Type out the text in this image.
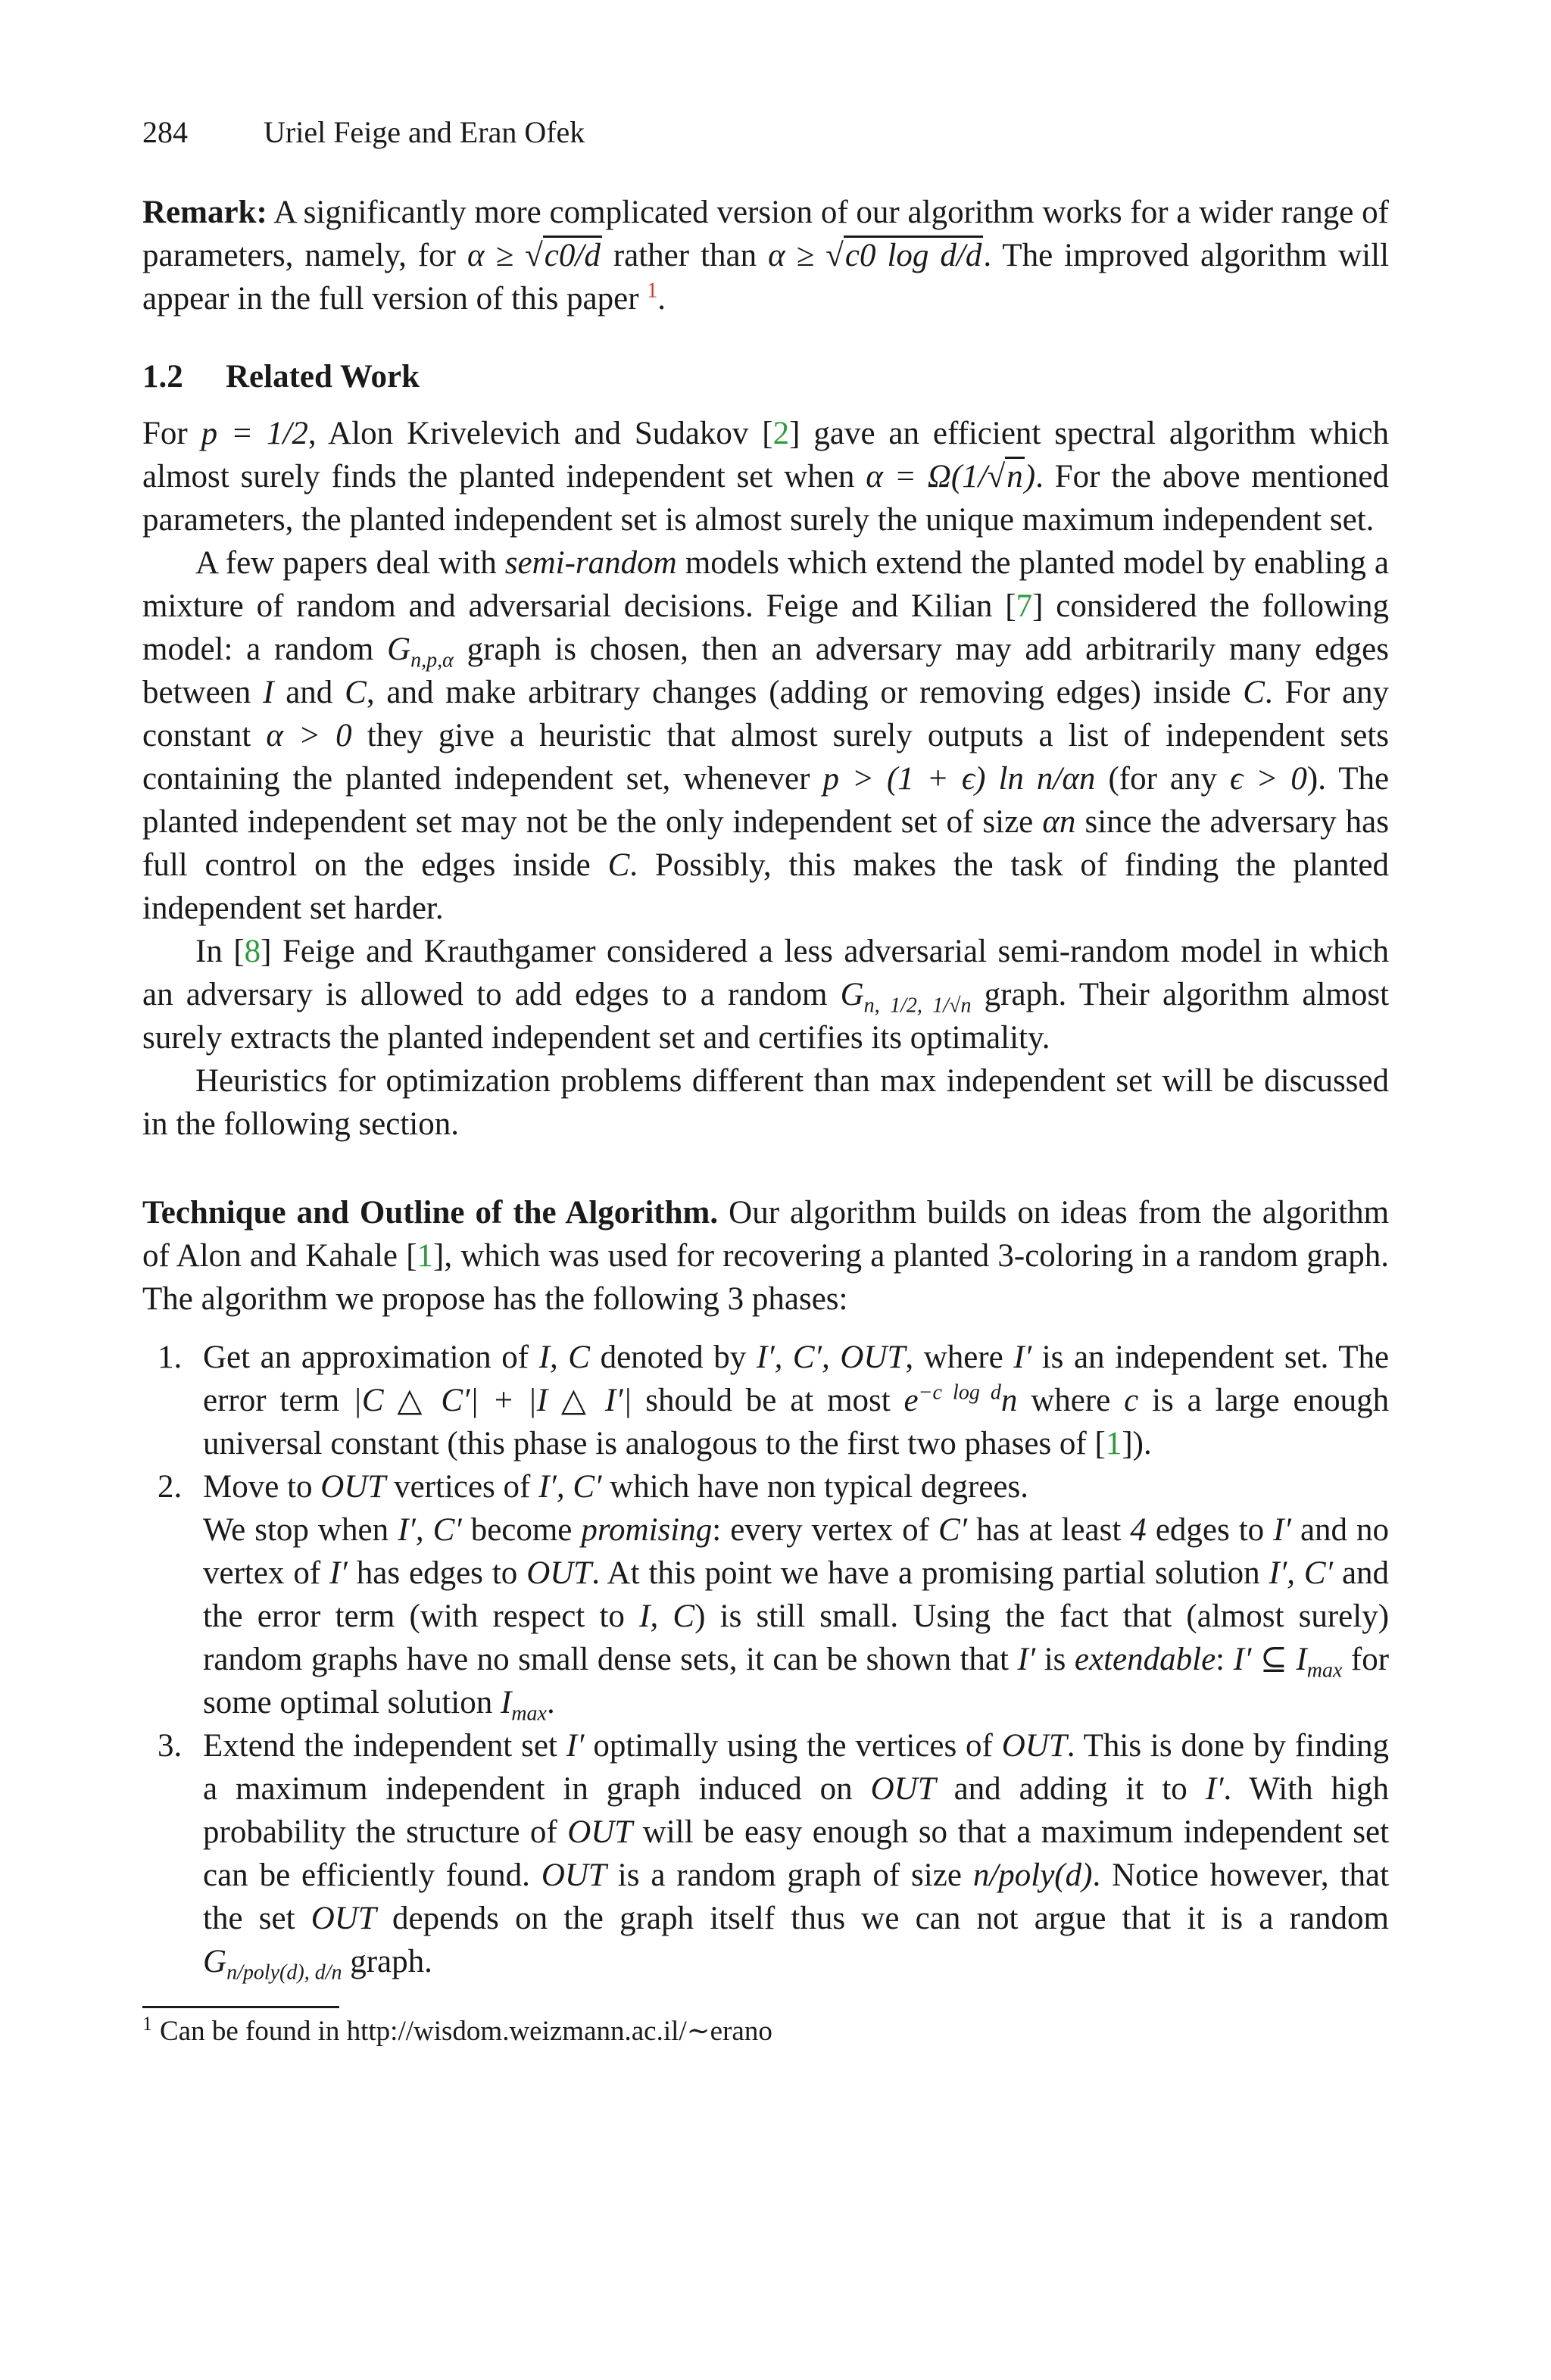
284	Uriel Feige and Eran Ofek

Remark: A significantly more complicated version of our algorithm works for a wider range of parameters, namely, for α ≥ √c0/d rather than α ≥ √c0 log d/d. The improved algorithm will appear in the full version of this paper $^1$.

1.2 Related Work

For p = 1/2, Alon Krivelevich and Sudakov [2] gave an efficient spectral algorithm which almost surely finds the planted independent set when α = Ω(1/√n). For the above mentioned parameters, the planted independent set is almost surely the unique maximum independent set.

A few papers deal with semi-random models which extend the planted model by enabling a mixture of random and adversarial decisions. Feige and Kilian [7] considered the following model: a random $G_{n,p,\alpha}$ graph is chosen, then an adversary may add arbitrarily many edges between I and C, and make arbitrary changes (adding or removing edges) inside C. For any constant α > 0 they give a heuristic that almost surely outputs a list of independent sets containing the planted independent set, whenever p > (1 + ϵ) ln n/αn (for any ϵ > 0). The planted independent set may not be the only independent set of size αn since the adversary has full control on the edges inside C. Possibly, this makes the task of finding the planted independent set harder.

In [8] Feige and Krauthgamer considered a less adversarial semi-random model in which an adversary is allowed to add edges to a random $G_{n, 1/2, 1/√n}$ graph. Their algorithm almost surely extracts the planted independent set and certifies its optimality.

Heuristics for optimization problems different than max independent set will be discussed in the following section.

Technique and Outline of the Algorithm. Our algorithm builds on ideas from the algorithm of Alon and Kahale [1], which was used for recovering a planted 3-coloring in a random graph. The algorithm we propose has the following 3 phases:

1. Get an approximation of I, C denoted by I′, C′, OUT, where I′ is an independent set. The error term |C △ C′| + |I △ I′| should be at most $e^{-c log d}n$ where c is a large enough universal constant (this phase is analogous to the first two phases of [1]).
2. Move to OUT vertices of I′, C′ which have non typical degrees.
We stop when I′, C′ become promising: every vertex of C′ has at least 4 edges to I′ and no vertex of I′ has edges to OUT. At this point we have a promising partial solution I′, C′ and the error term (with respect to I, C) is still small. Using the fact that (almost surely) random graphs have no small dense sets, it can be shown that I′ is extendable: I′ ⊆ $I_{max}$ for some optimal solution $I_{max}$.
3. Extend the independent set I′ optimally using the vertices of OUT. This is done by finding a maximum independent in graph induced on OUT and adding it to I′. With high probability the structure of OUT will be easy enough so that a maximum independent set can be efficiently found. OUT is a random graph of size n/poly(d). Notice however, that the set OUT depends on the graph itself thus we can not argue that it is a random $G_{n/poly(d), d/n}$ graph.
$^1$ Can be found in http://wisdom.weizmann.ac.il/∼erano
